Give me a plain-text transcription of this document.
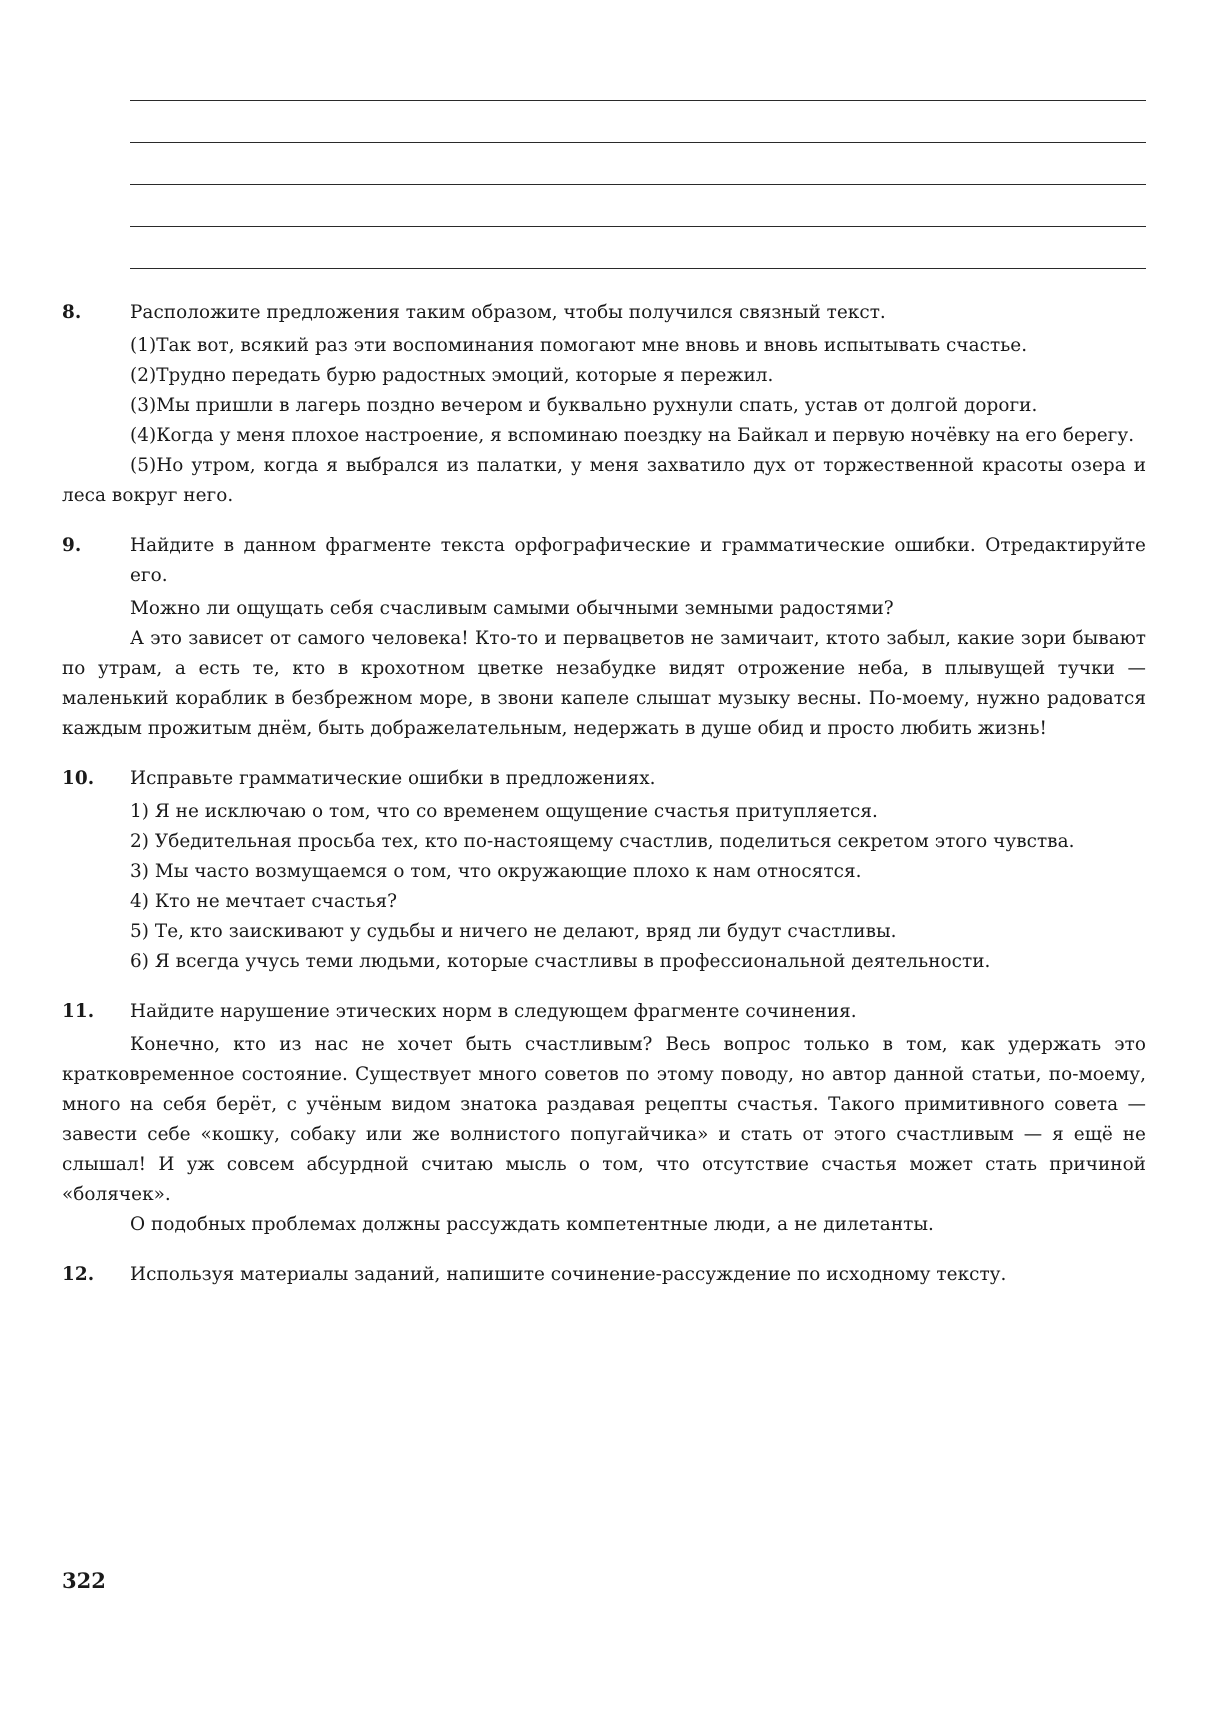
8.	Расположите предложения таким образом, чтобы получился связный текст.

(1)Так вот, всякий раз эти воспоминания помогают мне вновь и вновь испытывать счастье.

(2)Трудно передать бурю радостных эмоций, которые я пережил.

(3)Мы пришли в лагерь поздно вечером и буквально рухнули спать, устав от долгой дороги.

(4)Когда у меня плохое настроение, я вспоминаю поездку на Байкал и первую ночёвку на его берегу.

(5)Но утром, когда я выбрался из палатки, у меня захватило дух от торжественной красоты озера и леса вокруг него.

9.	Найдите в данном фрагменте текста орфографические и грамматические ошибки. Отредактируйте его.

Можно ли ощущать себя счасливым самыми обычными земными радостями?

А это зависет от самого человека! Кто-то и первацветов не замичаит, ктото забыл, какие зори бывают по утрам, а есть те, кто в крохотном цветке незабудке видят отрожение неба, в плывущей тучки — маленький кораблик в безбрежном море, в звони капеле слышат музыку весны. По-моему, нужно радоватся каждым прожитым днём, быть дображелательным, недержать в душе обид и просто любить жизнь!

10. Исправьте грамматические ошибки в предложениях.

1) Я не исключаю о том, что со временем ощущение счастья притупляется.

2) Убедительная просьба тех, кто по-настоящему счастлив, поделиться секретом этого чувства.

3) Мы часто возмущаемся о том, что окружающие плохо к нам относятся.

4) Кто не мечтает счастья?

5) Те, кто заискивают у судьбы и ничего не делают, вряд ли будут счастливы.

6) Я всегда учусь теми людьми, которые счастливы в профессиональной деятельности.

11. Найдите нарушение этических норм в следующем фрагменте сочинения.

Конечно, кто из нас не хочет быть счастливым? Весь вопрос только в том, как удержать это кратковременное состояние. Существует много советов по этому поводу, но автор данной статьи, по-моему, много на себя берёт, с учёным видом знатока раздавая рецепты счастья. Такого примитивного совета — завести себе «кошку, собаку или же волнистого попугайчика» и стать от этого счастливым — я ещё не слышал! И уж совсем абсурдной считаю мысль о том, что отсутствие счастья может стать причиной «болячек».

О подобных проблемах должны рассуждать компетентные люди, а не дилетанты.

12. Используя материалы заданий, напишите сочинение-рассуждение по исходному тексту.

322
